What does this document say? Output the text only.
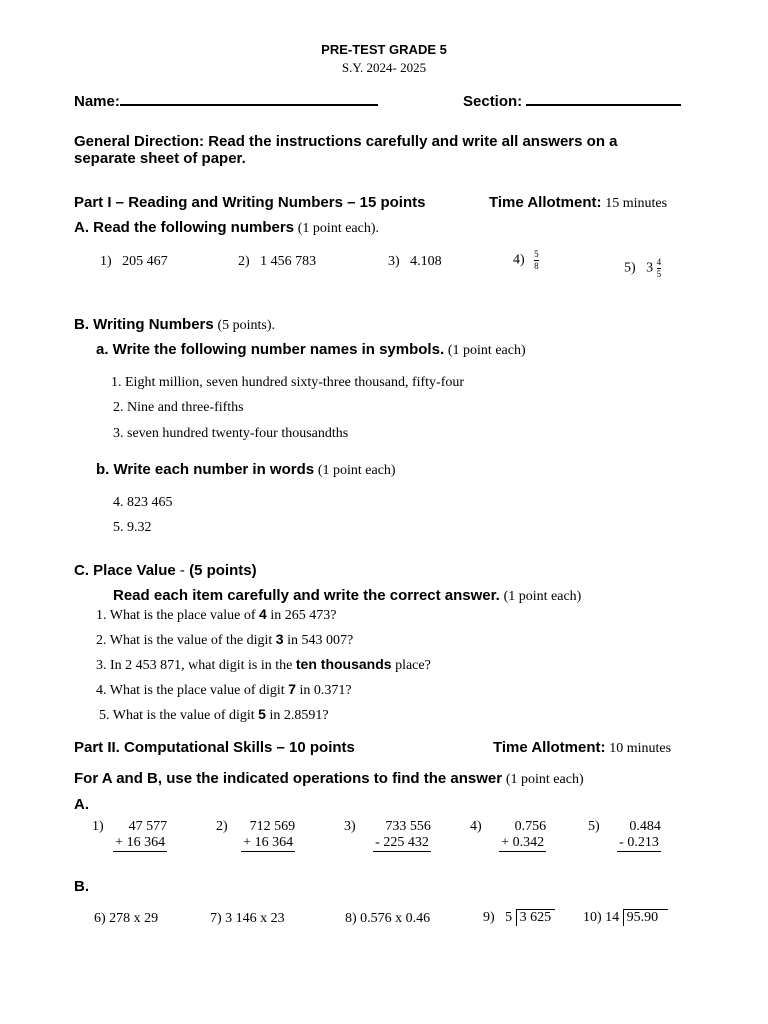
PRE-TEST GRADE 5
S.Y. 2024- 2025
Name:	Section:
General Direction: Read the instructions carefully and write all answers on a
separate sheet of paper.
Part I – Reading and Writing Numbers – 15 points	Time Allotment: 15 minutes
A. Read the following numbers (1 point each).
1) 205 467	2) 1 456 783	3) 4.108	$4) \frac{5}{8}$	5) $3 \frac{4}{5}$
B. Writing Numbers (5 points).
a. Write the following number names in symbols. (1 point each)
1. Eight million, seven hundred sixty-three thousand, fifty-four
2. Nine and three-fifths
3. seven hundred twenty-four thousandths
b. Write each number in words (1 point each)
4. 823 465
5. 9.32
C. Place Value - (5 points)
Read each item carefully and write the correct answer. (1 point each)
1. What is the place value of 4 in 265 473?
2. What is the value of the digit 3 in 543 007?
3. In 2 453 871, what digit is in the ten thousands place?
4. What is the place value of digit 7 in 0.371?
5. What is the value of digit 5 in 2.8591?
Part II. Computational Skills – 10 points	Time Allotment: 10 minutes
For A and B, use the indicated operations to find the answer (1 point each)
A.
1)	47 577
+ 16 364
2)	712 569
+ 16 364
3)	733 556
- 225 432
4)	0.756
+ 0.342
5)	0.484
- 0.213
B.
6) 278 x 29	7) 3 146 x 23	8) 0.576 x 0.46	9) 5 3 625 10) 14 95.90
